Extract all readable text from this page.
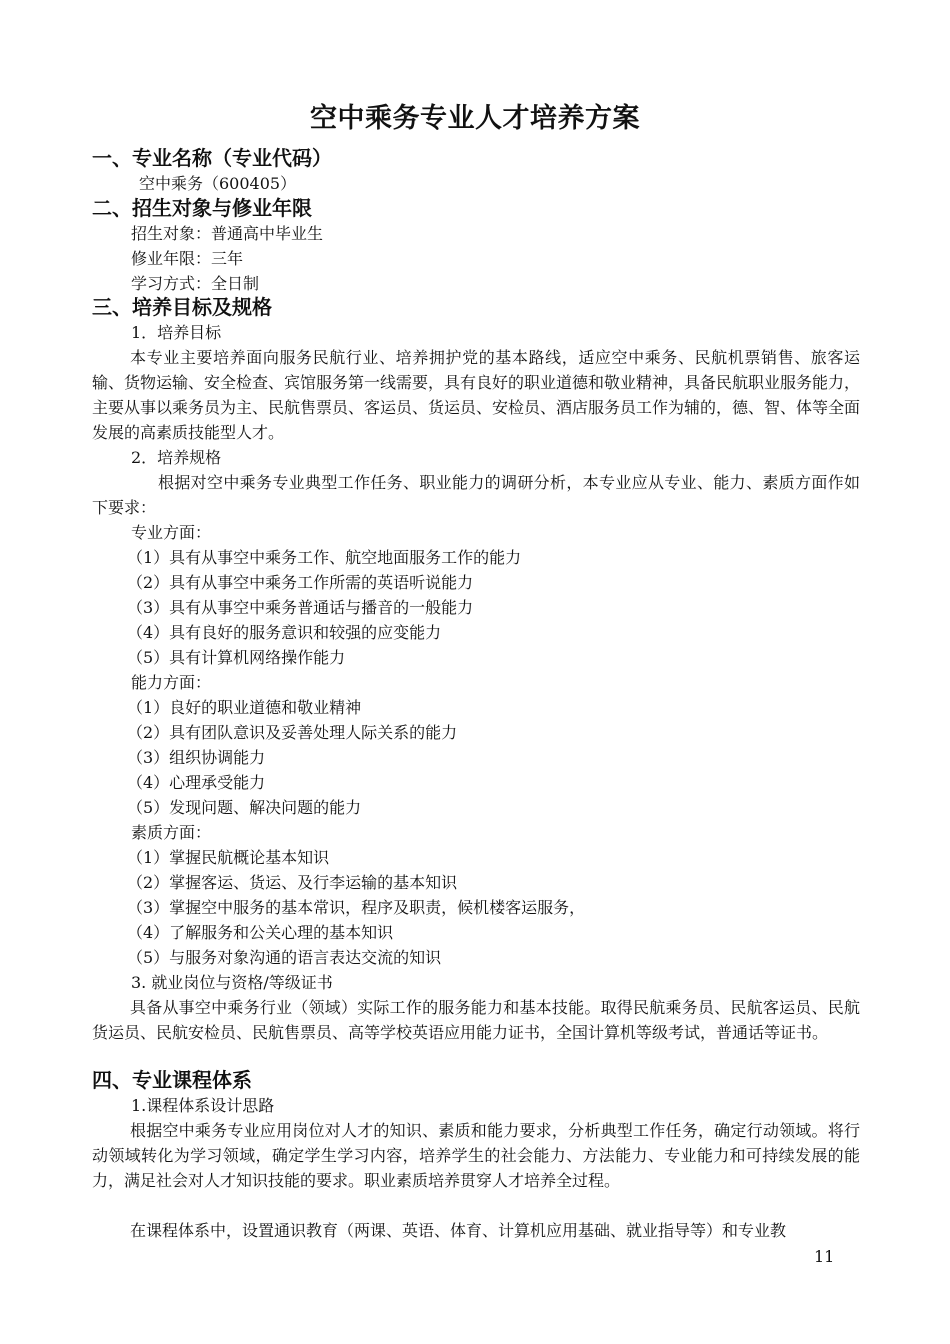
空中乘务专业人才培养方案
一、专业名称（专业代码）
空中乘务（600405）
二、招生对象与修业年限
招生对象：普通高中毕业生
修业年限：三年
学习方式：全日制
三、培养目标及规格
1．培养目标
本专业主要培养面向服务民航行业、培养拥护党的基本路线，适应空中乘务、民航机票销售、旅客运输、货物运输、安全检查、宾馆服务第一线需要，具有良好的职业道德和敬业精神，具备民航职业服务能力，主要从事以乘务员为主、民航售票员、客运员、货运员、安检员、酒店服务员工作为辅的，德、智、体等全面发展的高素质技能型人才。
2．培养规格
根据对空中乘务专业典型工作任务、职业能力的调研分析，本专业应从专业、能力、素质方面作如下要求：
专业方面：
（1）具有从事空中乘务工作、航空地面服务工作的能力
（2）具有从事空中乘务工作所需的英语听说能力
（3）具有从事空中乘务普通话与播音的一般能力
（4）具有良好的服务意识和较强的应变能力
（5）具有计算机网络操作能力
能力方面：
（1）良好的职业道德和敬业精神
（2）具有团队意识及妥善处理人际关系的能力
（3）组织协调能力
（4）心理承受能力
（5）发现问题、解决问题的能力
素质方面：
（1）掌握民航概论基本知识
（2）掌握客运、货运、及行李运输的基本知识
（3）掌握空中服务的基本常识，程序及职责，候机楼客运服务，
（4）了解服务和公关心理的基本知识
（5）与服务对象沟通的语言表达交流的知识
3. 就业岗位与资格/等级证书
具备从事空中乘务行业（领域）实际工作的服务能力和基本技能。取得民航乘务员、民航客运员、民航货运员、民航安检员、民航售票员、高等学校英语应用能力证书，全国计算机等级考试，普通话等证书。
四、专业课程体系
1.课程体系设计思路
根据空中乘务专业应用岗位对人才的知识、素质和能力要求，分析典型工作任务，确定行动领域。将行动领域转化为学习领域，确定学生学习内容，培养学生的社会能力、方法能力、专业能力和可持续发展的能力，满足社会对人才知识技能的要求。职业素质培养贯穿人才培养全过程。
在课程体系中，设置通识教育（两课、英语、体育、计算机应用基础、就业指导等）和专业教
11
